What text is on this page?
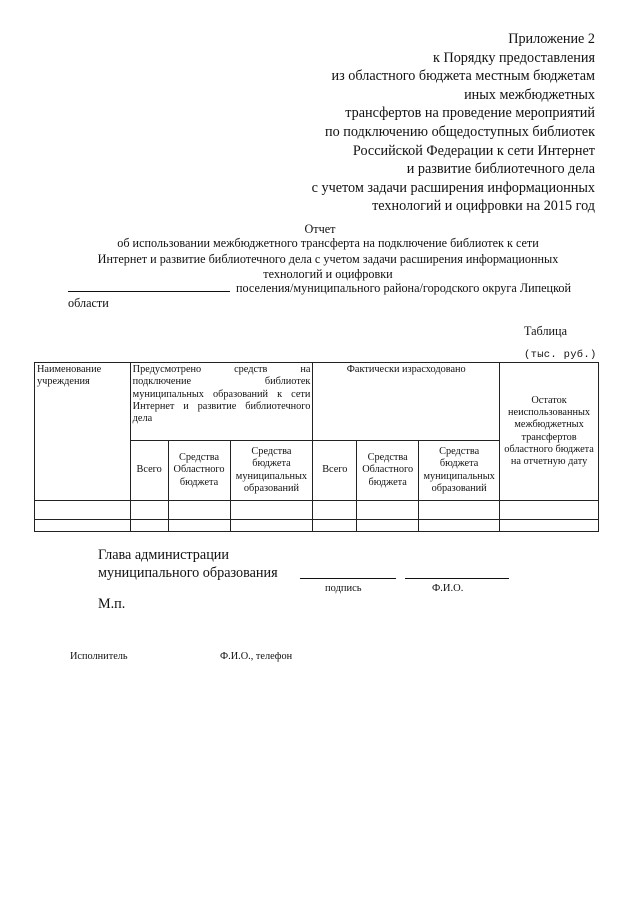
Приложение 2
к Порядку предоставления
из областного бюджета местным бюджетам
иных межбюджетных
трансфертов на проведение мероприятий
по подключению общедоступных библиотек
Российской Федерации к сети Интернет
и развитие библиотечного дела
с учетом задачи расширения информационных
технологий и оцифровки на 2015 год
Отчет
об использовании межбюджетного трансферта на подключение библиотек к сети
Интернет и развитие библиотечного дела с учетом задачи расширения информационных
технологий и оцифровки
поселения/муниципального района/городского округа Липецкой
области
Таблица
(тыс. руб.)
Наименование учреждения	Предусмотрено средств на подключение библиотек муниципальных образований к сети Интернет и развитие библиотечного дела			Фактически израсходовано			Остаток неиспользованных межбюджетных трансфертов областного бюджета на отчетную дату
	Всего	Средства Областного бюджета	Средства бюджета муниципальных образований	Всего	Средства Областного бюджета	Средства бюджета муниципальных образований	

Глава администрации
муниципального образования
подпись	Ф.И.О.
М.п.
Исполнитель	Ф.И.О., телефон
